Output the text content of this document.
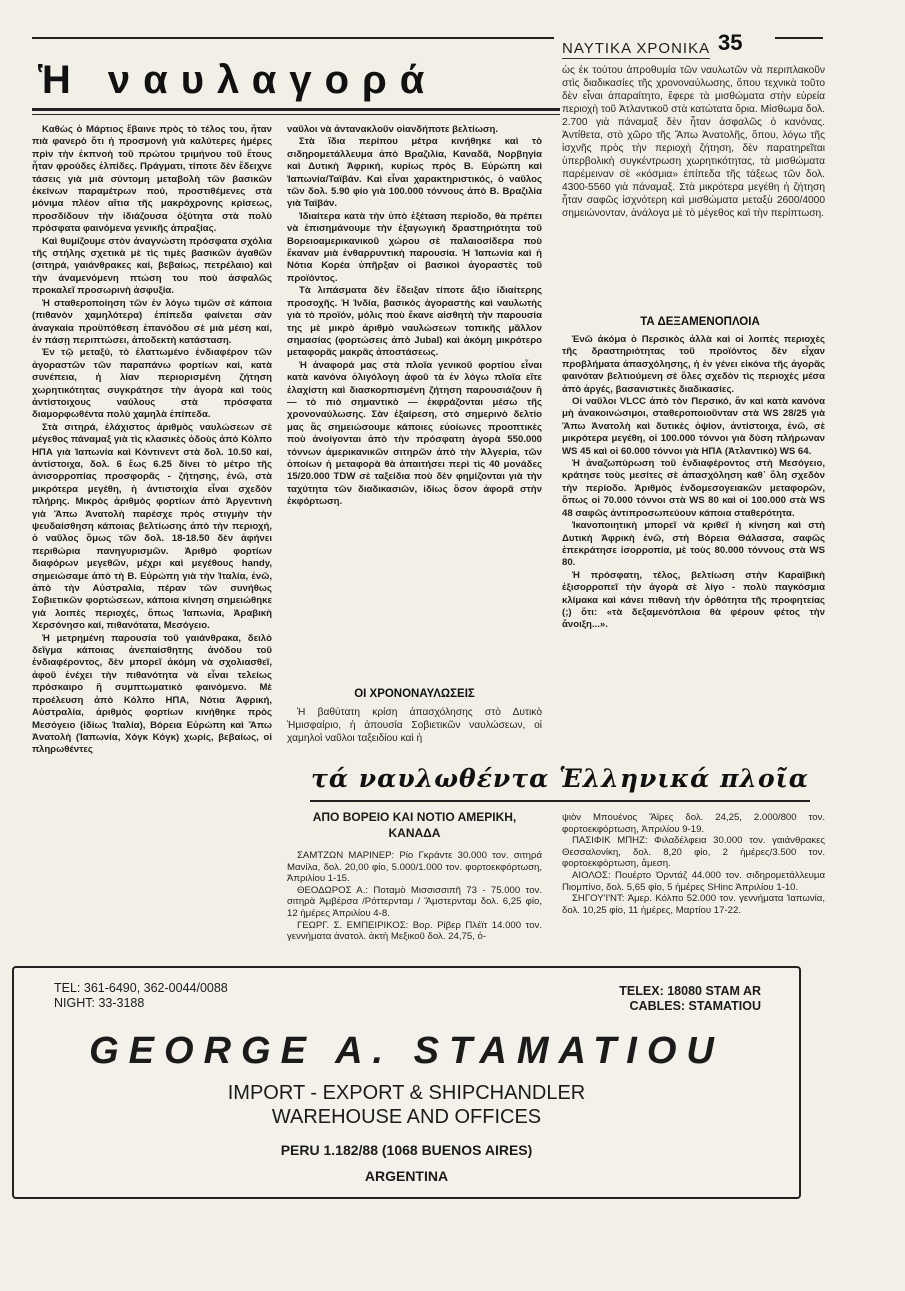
ΝΑΥΤΙΚΑ ΧΡΟΝΙΚΑ 35
Ἡ ναυλαγορά

Καθὼς ὁ Μάρτιος ἔβαινε πρὸς τὸ τέλος του, ἦταν πιὰ φανερὸ ὅτι ἡ προσμονὴ γιὰ καλύτερες ἡμέρες πρὶν τὴν ἐκπνοὴ τοῦ πρώτου τριμήνου τοῦ ἔτους ἦταν φρούδες ἐλπίδες. Πράγματι, τίποτε δὲν ἔδειχνε τάσεις γιὰ μιὰ σύντομη μεταβολὴ τῶν βασικῶν ἐκείνων παραμέτρων πού, προστιθέμενες στὰ μόνιμα πλέον αἴτια τῆς μακρόχρονης κρίσεως, προσδίδουν τὴν ἰδιάζουσα ὀξύτητα στὰ πολὺ πρόσφατα φαινόμενα γενικῆς ἀπραξίας.

Καὶ θυμίζουμε στὸν ἀναγνώστη πρόσφατα σχόλια τῆς στήλης σχετικὰ μὲ τὶς τιμὲς βασικῶν ἀγαθῶν (σιτηρά, γαιάνθρακες καί, βεβαίως, πετρέλαιο) καὶ τὴν ἀναμενόμενη πτώση του ποὺ ἀσφαλῶς προκαλεῖ προσωρινὴ ἀσφυξία.

Ἡ σταθεροποίηση τῶν ἐν λόγω τιμῶν σὲ κάποια (πιθανὸν χαμηλότερα) ἐπίπεδα φαίνεται σὰν ἀναγκαία προϋπόθεση ἐπανόδου σὲ μιὰ μέση καί, ἐν πάσῃ περιπτώσει, ἀποδεκτὴ κατάσταση.

Ἐν τῷ μεταξύ, τὸ ἐλαττωμένο ἐνδιαφέρον τῶν ἀγοραστῶν τῶν παραπάνω φορτίων καί, κατὰ συνέπεια, ἡ λίαν περιορισμένη ζήτηση χωρητικότητας συγκράτησε τὴν ἀγορὰ καὶ τοὺς ἀντίστοιχους ναύλους στὰ πρόσφατα διαμορφωθέντα πολὺ χαμηλὰ ἐπίπεδα.

Στὰ σιτηρά, ἐλάχιστος ἀριθμὸς ναυλώσεων σὲ μέγεθος πάναμαξ γιὰ τὶς κλασικὲς ὁδοὺς ἀπὸ Κόλπο ΗΠΑ γιὰ Ἰαπωνία καὶ Κόντινεντ στὰ δολ. 10.50 καί, ἀντίστοιχα, δολ. 6 ἕως 6.25 δίνει τὸ μέτρο τῆς ἀνισορροπίας προσφορᾶς - ζήτησης, ἐνῶ, στὰ μικρότερα μεγέθη, ἡ ἀντιστοιχία εἶναι σχεδὸν πλήρης. Μικρὸς ἀριθμὸς φορτίων ἀπὸ Ἀργεντινὴ γιὰ Ἄπω Ἀνατολὴ παρέσχε πρὸς στιγμὴν τὴν ψευδαίσθηση κάποιας βελτίωσης ἀπὸ τὴν περιοχή, ὁ ναῦλος ὅμως τῶν δολ. 18-18.50 δὲν ἀφήνει περιθώρια πανηγυρισμῶν. Ἀριθμὸ φορτίων διαφόρων μεγεθῶν, μέχρι καὶ μεγέθους handy, σημειώσαμε ἀπὸ τὴ Β. Εὐρώπη γιὰ τὴν Ἰταλία, ἐνῶ, ἀπὸ τὴν Αὐστραλία, πέραν τῶν συνήθως Σοβιετικῶν φορτώσεων, κάποια κίνηση σημειώθηκε γιὰ λοιπὲς περιοχές, ὅπως Ἰαπωνία, Ἀραβικὴ Χερσόνησο καί, πιθανότατα, Μεσόγειο.

Ἡ μετρημένη παρουσία τοῦ γαιάνθρακα, δειλὸ δεῖγμα κάποιας ἀνεπαίσθητης ἀνόδου τοῦ ἐνδιαφέροντος, δὲν μπορεῖ ἀκόμη νὰ σχολιασθεῖ, ἀφοῦ ἐνέχει τὴν πιθανότητα νὰ εἶναι τελείως πρόσκαιρο ἢ συμπτωματικὸ φαινόμενο. Μὲ προέλευση ἀπὸ Κόλπο ΗΠΑ, Νότια Ἀφρική, Αὐστραλία, ἀριθμὸς φορτίων κινήθηκε πρὸς Μεσόγειο (ἰδίως Ἰταλία), Βόρεια Εὐρώπη καὶ Ἄπω Ἀνατολὴ (Ἰαπωνία, Χόγκ Κόγκ) χωρίς, βεβαίως, οἱ πληρωθέντες

ναῦλοι νὰ ἀντανακλοῦν οἰανδήποτε βελτίωση.

Στὰ ἴδια περίπου μέτρα κινήθηκε καὶ τὸ σιδηρομετάλλευμα ἀπὸ Βραζιλία, Καναδᾶ, Νορβηγία καὶ Δυτικὴ Ἀφρική, κυρίως πρὸς Β. Εὐρώπη καὶ Ἰαπωνία/Ταϊβάν. Καὶ εἶναι χαρακτηριστικός, ὁ ναῦλος τῶν δολ. 5.90 φίο γιὰ 100.000 τόννους ἀπὸ Β. Βραζιλία γιὰ Ταϊβάν.

Ἰδιαίτερα κατὰ τὴν ὑπὸ ἐξέταση περίοδο, θὰ πρέπει νὰ ἐπισημάνουμε τὴν ἐξαγωγικὴ δραστηριότητα τοῦ Βορειοαμερικανικοῦ χώρου σὲ παλαιοσίδερα ποὺ ἔκαναν μιὰ ἐνθαρρυντικὴ παρουσία. Ἡ Ἰαπωνία καὶ ἡ Νότια Κορέα ὑπῆρξαν οἱ βασικοὶ ἀγοραστὲς τοῦ προϊόντος.

Τὰ λιπάσματα δὲν ἔδειξαν τίποτε ἄξιο ἰδιαίτερης προσοχῆς. Ἡ Ἰνδία, βασικὸς ἀγοραστὴς καὶ ναυλωτὴς γιὰ τὸ προϊόν, μόλις ποὺ ἔκανε αἰσθητὴ τὴν παρουσία της μὲ μικρὸ ἀριθμὸ ναυλώσεων τοπικῆς μᾶλλον σημασίας (φορτώσεις ἀπὸ Jubal) καὶ ἀκόμη μικρότερο μεταφορᾶς μακρᾶς ἀποστάσεως.

Ἡ ἀναφορά μας στὰ πλοῖα γενικοῦ φορτίου εἶναι κατὰ κανόνα ὀλιγόλογη ἀφοῦ τὰ ἐν λόγω πλοῖα εἴτε ἐλαχίστη καὶ διασκορπισμένη ζήτηση παρουσιάζουν ἢ — τὸ πιὸ σημαντικὸ — ἐκφράζονται μέσω τῆς χρονοναύλωσης. Σὰν ἐξαίρεση, στὸ σημερινὸ δελτίο μας ἂς σημειώσουμε κάποιες εὐοίωνες προοπτικὲς ποὺ ἀνοίγονται ἀπὸ τὴν πρόσφατη ἀγορὰ 550.000 τόννων ἀμερικανικῶν σιτηρῶν ἀπὸ τὴν Ἀλγερία, τῶν ὁποίων ἡ μεταφορὰ θὰ ἀπαιτήσει περὶ τὶς 40 μονάδες 15/20.000 TDW σὲ ταξείδια ποὺ δὲν φημίζονται γιὰ τὴν ταχύτητα τῶν διαδικασιῶν, ἰδίως ὅσον ἀφορᾶ στὴν ἐκφόρτωση.

ΟΙ ΧΡΟΝΟΝΑΥΛΩΣΕΙΣ

Ἡ βαθύτατη κρίση ἀπασχόλησης στὸ Δυτικὸ Ἡμισφαίριο, ἡ ἀπουσία Σοβιετικῶν ναυλώσεων, οἱ χαμηλοὶ ναῦλοι ταξειδίου καὶ ἡ

ὡς ἐκ τούτου ἀπροθυμία τῶν ναυλωτῶν νὰ περιπλακοῦν στὶς διαδικασίες τῆς χρονοναύλωσης, ὅπου τεχνικὰ τοῦτο δὲν εἶναι ἀπαραίτητο, ἔφερε τὰ μισθώματα στὴν εὐρεία περιοχὴ τοῦ Ἀτλαντικοῦ στὰ κατώτατα ὅρια. Μίσθωμα δολ. 2.700 γιὰ πάναμαξ δὲν ἦταν ἀσφαλῶς ὁ κανόνας. Ἀντίθετα, στὸ χῶρο τῆς Ἄπω Ἀνατολῆς, ὅπου, λόγω τῆς ἰσχνῆς πρὸς τὴν περιοχὴ ζήτηση, δὲν παρατηρεῖται ὑπερβολικὴ συγκέντρωση χωρητικότητας, τὰ μισθώματα παρέμειναν σὲ «κόσμια» ἐπίπεδα τῆς τάξεως τῶν δολ. 4300-5560 γιὰ πάναμαξ. Στὰ μικρότερα μεγέθη ἡ ζήτηση ἦταν σαφῶς ἰσχνότερη καὶ μισθώματα μεταξὺ 2600/4000 σημειώνονταν, ἀνάλογα μὲ τὸ μέγεθος καὶ τὴν περίπτωση.

ΤΑ ΔΕΞΑΜΕΝΟΠΛΟΙΑ

Ἐνῶ ἀκόμα ὁ Περσικὸς ἀλλὰ καὶ οἱ λοιπὲς περιοχὲς τῆς δραστηριότητας τοῦ προϊόντος δὲν εἶχαν προβλήματα ἀπασχόλησης, ἡ ἐν γένει εἰκόνα τῆς ἀγορᾶς φαινόταν βελτιούμενη σὲ ὅλες σχεδὸν τὶς περιοχὲς μέσα ἀπὸ ἀργές, βασανιστικὲς διαδικασίες.

Οἱ ναῦλοι VLCC ἀπὸ τὸν Περσικό, ἂν καὶ κατὰ κανόνα μὴ ἀνακοινώσιμοι, σταθεροποιοῦνταν στὰ WS 28/25 γιὰ Ἄπω Ἀνατολὴ καὶ δυτικὲς ὀψίον, ἀντίστοιχα, ἐνῶ, σὲ μικρότερα μεγέθη, οἱ 100.000 τόννοι γιὰ δύση πλήρωναν WS 45 καὶ οἱ 60.000 τόννοι γιὰ ΗΠΑ (Ἀτλαντικὸ) WS 64.

Ἡ ἀναζωπύρωση τοῦ ἐνδιαφέροντος στὴ Μεσόγειο, κράτησε τοὺς μεσίτες σὲ ἀπασχόληση καθ᾽ ὅλη σχεδὸν τὴν περίοδο. Ἀριθμὸς ἐνδομεσογειακῶν μεταφορῶν, ὅπως οἱ 70.000 τόννοι στὰ WS 80 καὶ οἱ 100.000 στὰ WS 48 σαφῶς ἀντιπροσωπεύουν κάποια σταθερότητα.

Ἱκανοποιητικὴ μπορεῖ νὰ κριθεῖ ἡ κίνηση καὶ στὴ Δυτικὴ Ἀφρικὴ ἐνῶ, στὴ Βόρεια Θάλασσα, σαφῶς ἐπεκράτησε ἰσορροπία, μὲ τοὺς 80.000 τόννους στὰ WS 80.

Ἡ πρόσφατη, τέλος, βελτίωση στὴν Καραϊβικὴ ἐξισορροπεῖ τὴν ἀγορὰ σὲ λίγο - πολὺ παγκόσμια κλίμακα καὶ κάνει πιθανὴ τὴν ὀρθότητα τῆς προφητείας (;) ὅτι: «τὰ δεξαμενόπλοια θὰ φέρουν φέτος τὴν ἄνοιξη...».

τά ναυλωθέντα Ἑλληνικά πλοῖα
ΑΠΟ ΒΟΡΕΙΟ ΚΑΙ ΝΟΤΙΟ ΑΜΕΡΙΚΗ, ΚΑΝΑΔΑ

ΣΑΜΤΖΩΝ ΜΑΡΙΝΕΡ: Ρίο Γκράντε 30.000 τον. σιτηρά Μανίλα, δολ. 20,00 φίο, 5.000/1.000 τον. φορτοεκφόρτωση, Ἀπριλίου 1-15.

ΘΕΟΔΩΡΟΣ Α.: Ποταμὸ Μισσισσιπῆ 73 - 75.000 τον. σιτηρὰ Ἀμβέρσα /Ρόττερνταμ / Ἄμστερνταμ δολ. 6,25 φίο, 12 ἡμέρες Ἀπριλίου 4-8.

ΓΕΩΡΓ. Σ. ΕΜΠΕΙΡΙΚΟΣ: Βορ. Ρίβερ Πλέϊτ 14.000 τον. γεννήματα ἀνατολ. ἀκτὴ Μεξικοῦ δολ. 24,75, ὀ-

ψιὸν Μπουένος Ἄϊρες δολ. 24,25, 2.000/800 τον. φορτοεκφόρτωση, Ἀπριλίου 9-19.

ΠΑΣΙΦΙΚ ΜΠΗΖ: Φιλαδέλφεια 30.000 τον. γαιάνθρακες Θεσσαλονίκη, δολ. 8,20 φίο, 2 ἡμέρες/3.500 τον. φορτοεκφόρτωση, ἄμεση.

ΑΙΟΛΟΣ: Πουέρτο Ὀρντάζ 44.000 τον. σιδηρομετάλλευμα Πιομπίνο, δολ. 5,65 φίο, 5 ἡμέρες SHinc Ἀπριλίου 1-10.

ΣΗΓΟΥ'Ι'ΝΤ: Ἀμερ. Κόλπο 52.000 τον. γεννήματα Ἰαπωνία, δολ. 10,25 φίο, 11 ἡμέρες, Μαρτίου 17-22.

TEL: 361-6490, 362-0044/0088
NIGHT: 33-3188
TELEX: 18080 STAM AR
CABLES: STAMATIOU
GEORGE A. STAMATIOU
IMPORT - EXPORT & SHIPCHANDLER
WAREHOUSE AND OFFICES
PERU 1.182/88 (1068 BUENOS AIRES)
ARGENTINA
